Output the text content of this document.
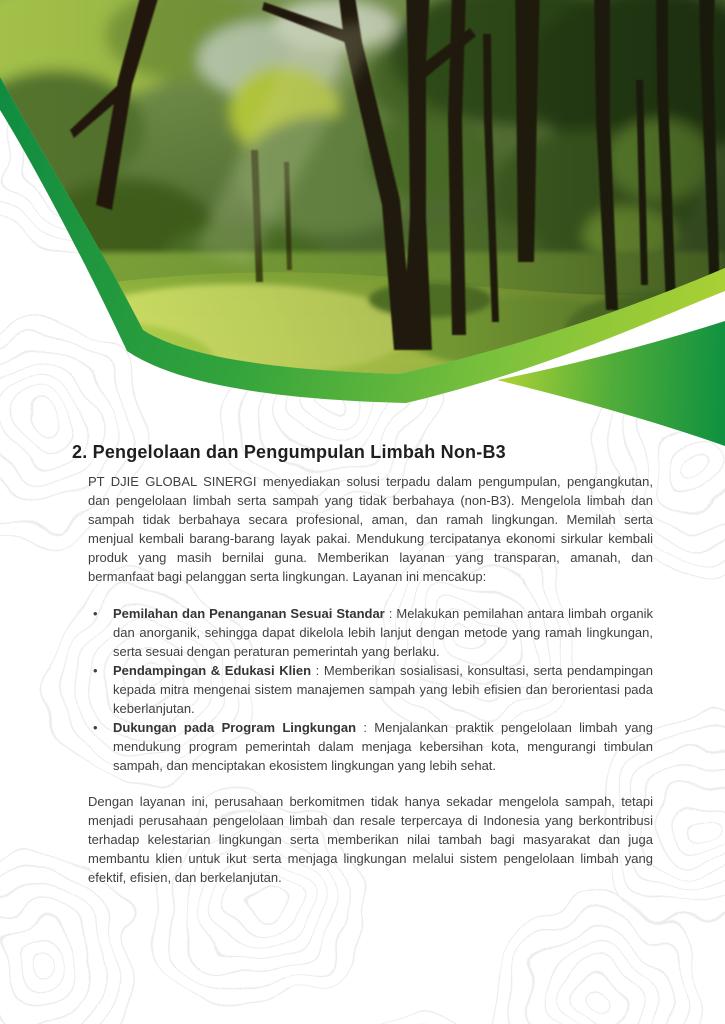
2. Pengelolaan dan Pengumpulan Limbah Non-B3

PT DJIE GLOBAL SINERGI menyediakan solusi terpadu dalam pengumpulan, pengangkutan, dan pengelolaan limbah serta sampah yang tidak berbahaya (non-B3). Mengelola limbah dan sampah tidak berbahaya secara profesional, aman, dan ramah lingkungan. Memilah serta menjual kembali barang-barang layak pakai. Mendukung tercipatanya ekonomi sirkular kembali produk yang masih bernilai guna. Memberikan layanan yang transparan, amanah, dan bermanfaat bagi pelanggan serta lingkungan. Layanan ini mencakup:

• Pemilahan dan Penanganan Sesuai Standar : Melakukan pemilahan antara limbah organik dan anorganik, sehingga dapat dikelola lebih lanjut dengan metode yang ramah lingkungan, serta sesuai dengan peraturan pemerintah yang berlaku.
• Pendampingan & Edukasi Klien : Memberikan sosialisasi, konsultasi, serta pendampingan kepada mitra mengenai sistem manajemen sampah yang lebih efisien dan berorientasi pada keberlanjutan.
• Dukungan pada Program Lingkungan : Menjalankan praktik pengelolaan limbah yang mendukung program pemerintah dalam menjaga kebersihan kota, mengurangi timbulan sampah, dan menciptakan ekosistem lingkungan yang lebih sehat.

Dengan layanan ini, perusahaan berkomitmen tidak hanya sekadar mengelola sampah, tetapi menjadi perusahaan pengelolaan limbah dan resale terpercaya di Indonesia yang berkontribusi terhadap kelestarian lingkungan serta memberikan nilai tambah bagi masyarakat dan juga membantu klien untuk ikut serta menjaga lingkungan melalui sistem pengelolaan limbah yang efektif, efisien, dan berkelanjutan.
